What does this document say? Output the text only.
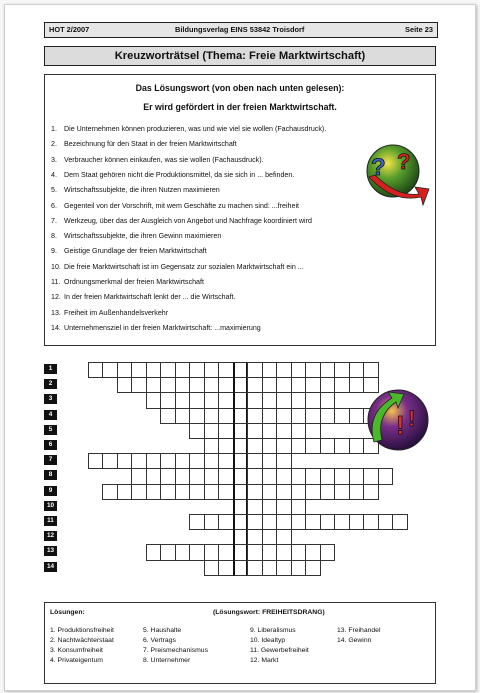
HOT 2/2007	Bildungsverlag EINS 53842 Troisdorf	Seite 23
Kreuzworträtsel (Thema: Freie Marktwirtschaft)
Das Lösungswort (von oben nach unten gelesen):
Er wird gefördert in der freien Marktwirtschaft.
1. Die Unternehmen können produzieren, was und wie viel sie wollen (Fachausdruck).
2. Bezeichnung für den Staat in der freien Marktwirtschaft
3. Verbraucher können einkaufen, was sie wollen (Fachausdruck).
4. Dem Staat gehören nicht die Produktionsmittel, da sie sich in ... befinden.
5. Wirtschaftssubjekte, die ihren Nutzen maximieren
6. Gegenteil von der Vorschrift, mit wem Geschäfte zu machen sind: ...freiheit
7. Werkzeug, über das der Ausgleich von Angebot und Nachfrage koordiniert wird
8. Wirtschaftssubjekte, die ihren Gewinn maximieren
9. Geistige Grundlage der freien Marktwirtschaft
10. Die freie Marktwirtschaft ist im Gegensatz zur sozialen Marktwirtschaft ein ...
11. Ordnungsmerkmal der freien Marktwirtschaft
12. In der freien Marktwirtschaft lenkt der ... die Wirtschaft.
13. Freiheit im Außenhandelsverkehr
14. Unternehmensziel in der freien Marktwirtschaft: ...maximierung
? ?
1
2
3
4
5
6
7
8
9
10
11
12
13
14
! !
Lösungen:	(Lösungswort: FREIHEITSDRANG)
1. Produktionsfreiheit
2. Nachtwächterstaat
3. Konsumfreiheit
4. Privateigentum
5. Haushalte
6. Vertrags
7. Preismechanismus
8. Unternehmer
9. Liberalismus
10. Idealtyp
11. Gewerbefreiheit
12. Markt
13. Freihandel
14. Gewinn
